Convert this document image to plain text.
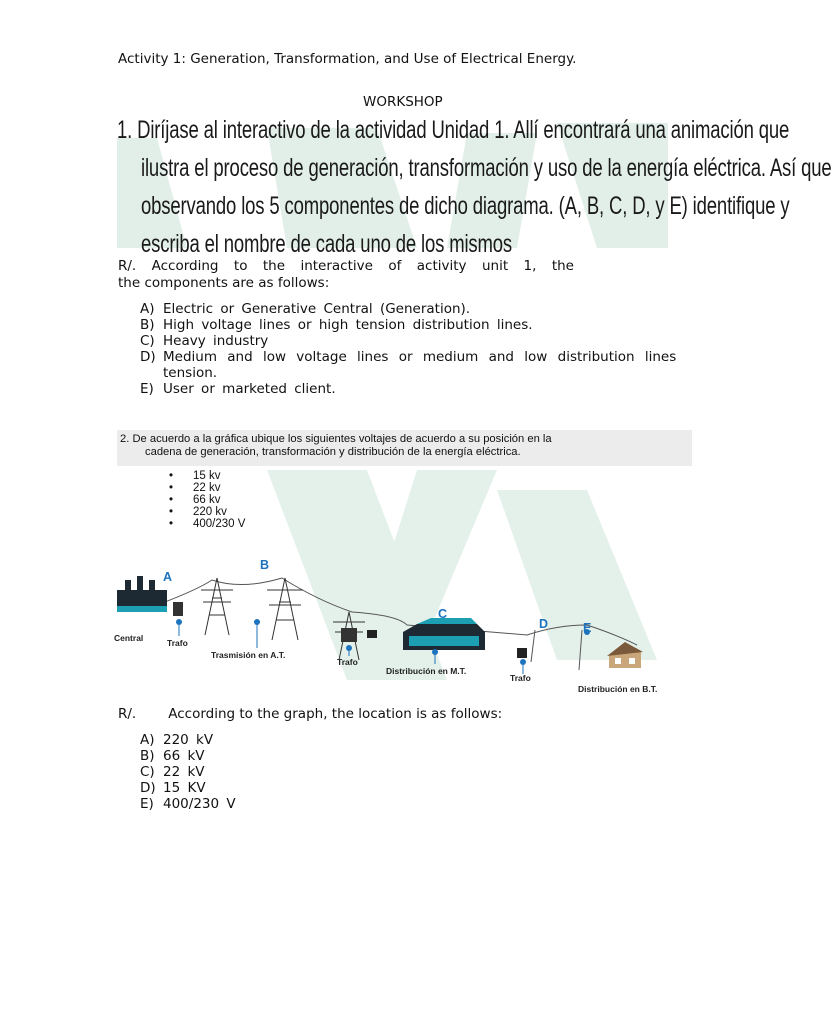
Activity 1: Generation, Transformation, and Use of Electrical Energy.
WORKSHOP
1. Diríjase al interactivo de la actividad Unidad 1. Allí encontrará una animación que
ilustra el proceso de generación, transformación y uso de la energía eléctrica. Así que
observando los 5 componentes de dicho diagrama. (A, B, C, D, y E) identifique y
escriba el nombre de cada uno de los mismos
R/. According to the interactive of activity unit 1, the
the components are as follows:
A) Electric or Generative Central (Generation).
B) High voltage lines or high tension distribution lines.
C) Heavy industry
D) Medium and low voltage lines or medium and low distribution lines
tension.
E) User or marketed client.
2. De acuerdo a la gráfica ubique los siguientes voltajes de acuerdo a su posición en la
cadena de generación, transformación y distribución de la energía eléctrica.
• 15 kv
• 22 kv
• 66 kv
• 220 kv
• 400/230 V
A
B
C
D	E
Central	Trafo
Trasmisión en A.T.
Trafo
Distribución en M.T.
Trafo
Distribución en B.T.
R/. According to the graph, the location is as follows:
A) 220 kV
B) 66 kV
C) 22 kV
D) 15 KV
E) 400/230 V
